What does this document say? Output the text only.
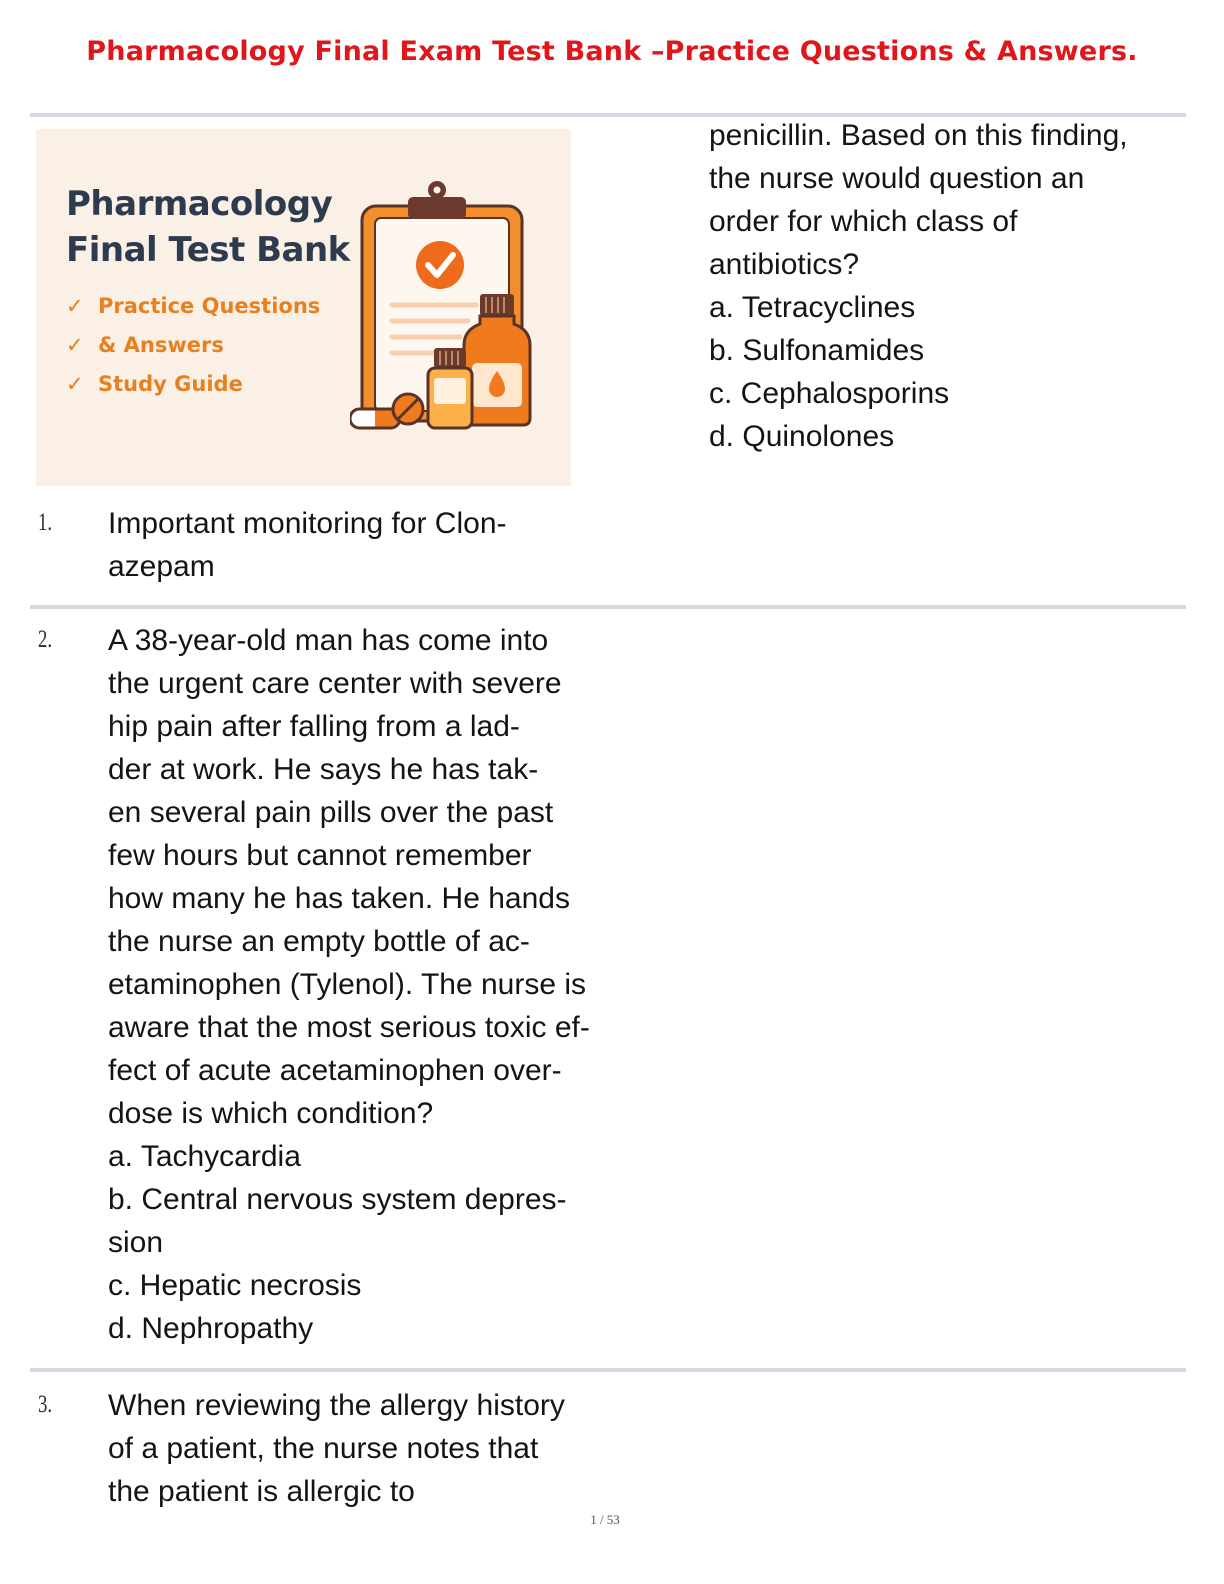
Pharmacology Final Exam Test Bank –Practice Questions & Answers.
Pharmacology
Final Test Bank
✓ Practice Questions
✓ & Answers
✓ Study Guide
1. Important monitoring for Clon-

azepam

2. A 38-year-old man has come into

the urgent care center with severe

hip pain after falling from a lad-

der at work. He says he has tak-

en several pain pills over the past

few hours but cannot remember

how many he has taken. He hands

the nurse an empty bottle of ac-

etaminophen (Tylenol). The nurse is

aware that the most serious toxic ef-

fect of acute acetaminophen over-

dose is which condition?

a. Tachycardia

b. Central nervous system depres-

sion

c. Hepatic necrosis

d. Nephropathy

3. When reviewing the allergy history

of a patient, the nurse notes that

the patient is allergic to

penicillin. Based on this finding,

the nurse would question an

order for which class of

antibiotics?

a. Tetracyclines

b. Sulfonamides

c. Cephalosporins

d. Quinolones

1 / 53
